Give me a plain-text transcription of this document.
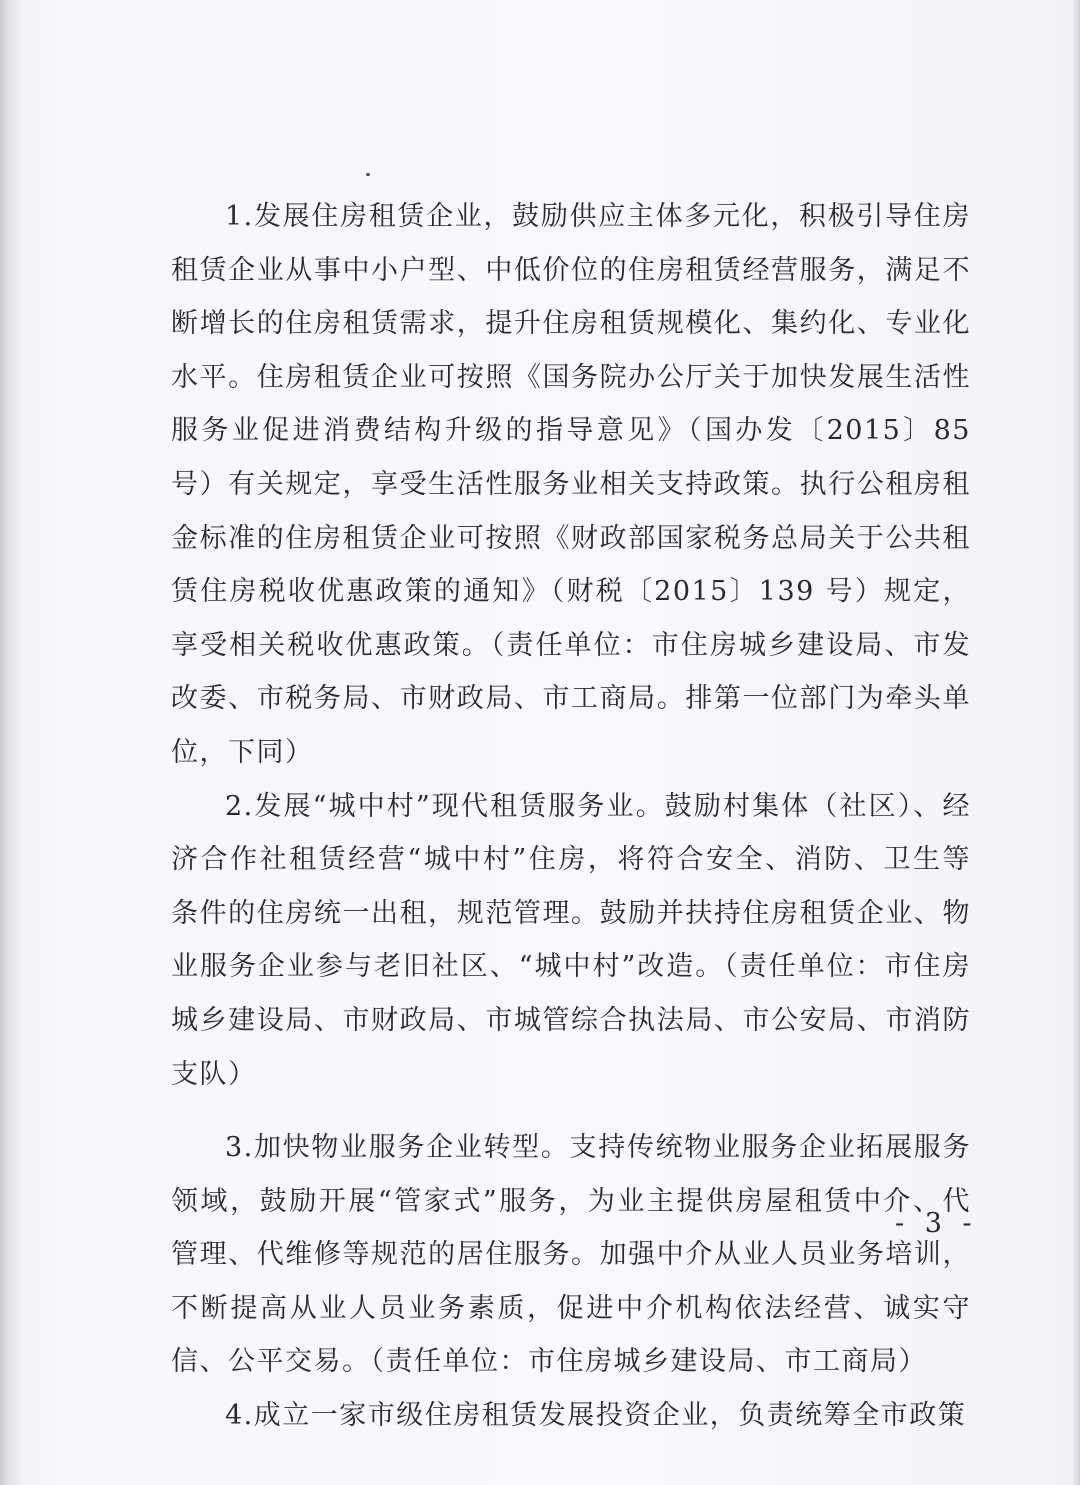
1.发展住房租赁企业，鼓励供应主体多元化，积极引导住房租赁企业从事中小户型、中低价位的住房租赁经营服务，满足不断增长的住房租赁需求，提升住房租赁规模化、集约化、专业化水平。住房租赁企业可按照《国务院办公厅关于加快发展生活性服务业促进消费结构升级的指导意见》（国办发〔2015〕85 号）有关规定，享受生活性服务业相关支持政策。执行公租房租金标准的住房租赁企业可按照《财政部国家税务总局关于公共租赁住房税收优惠政策的通知》（财税〔2015〕139 号）规定，享受相关税收优惠政策。（责任单位：市住房城乡建设局、市发改委、市税务局、市财政局、市工商局。排第一位部门为牵头单位，下同）

2.发展“城中村”现代租赁服务业。鼓励村集体（社区）、经济合作社租赁经营“城中村”住房，将符合安全、消防、卫生等条件的住房统一出租，规范管理。鼓励并扶持住房租赁企业、物业服务企业参与老旧社区、“城中村”改造。（责任单位：市住房城乡建设局、市财政局、市城管综合执法局、市公安局、市消防支队）

3.加快物业服务企业转型。支持传统物业服务企业拓展服务领域，鼓励开展“管家式”服务，为业主提供房屋租赁中介、代管理、代维修等规范的居住服务。加强中介从业人员业务培训，不断提高从业人员业务素质，促进中介机构依法经营、诚实守信、公平交易。（责任单位：市住房城乡建设局、市工商局）

4.成立一家市级住房租赁发展投资企业，负责统筹全市政策

- 3 -
